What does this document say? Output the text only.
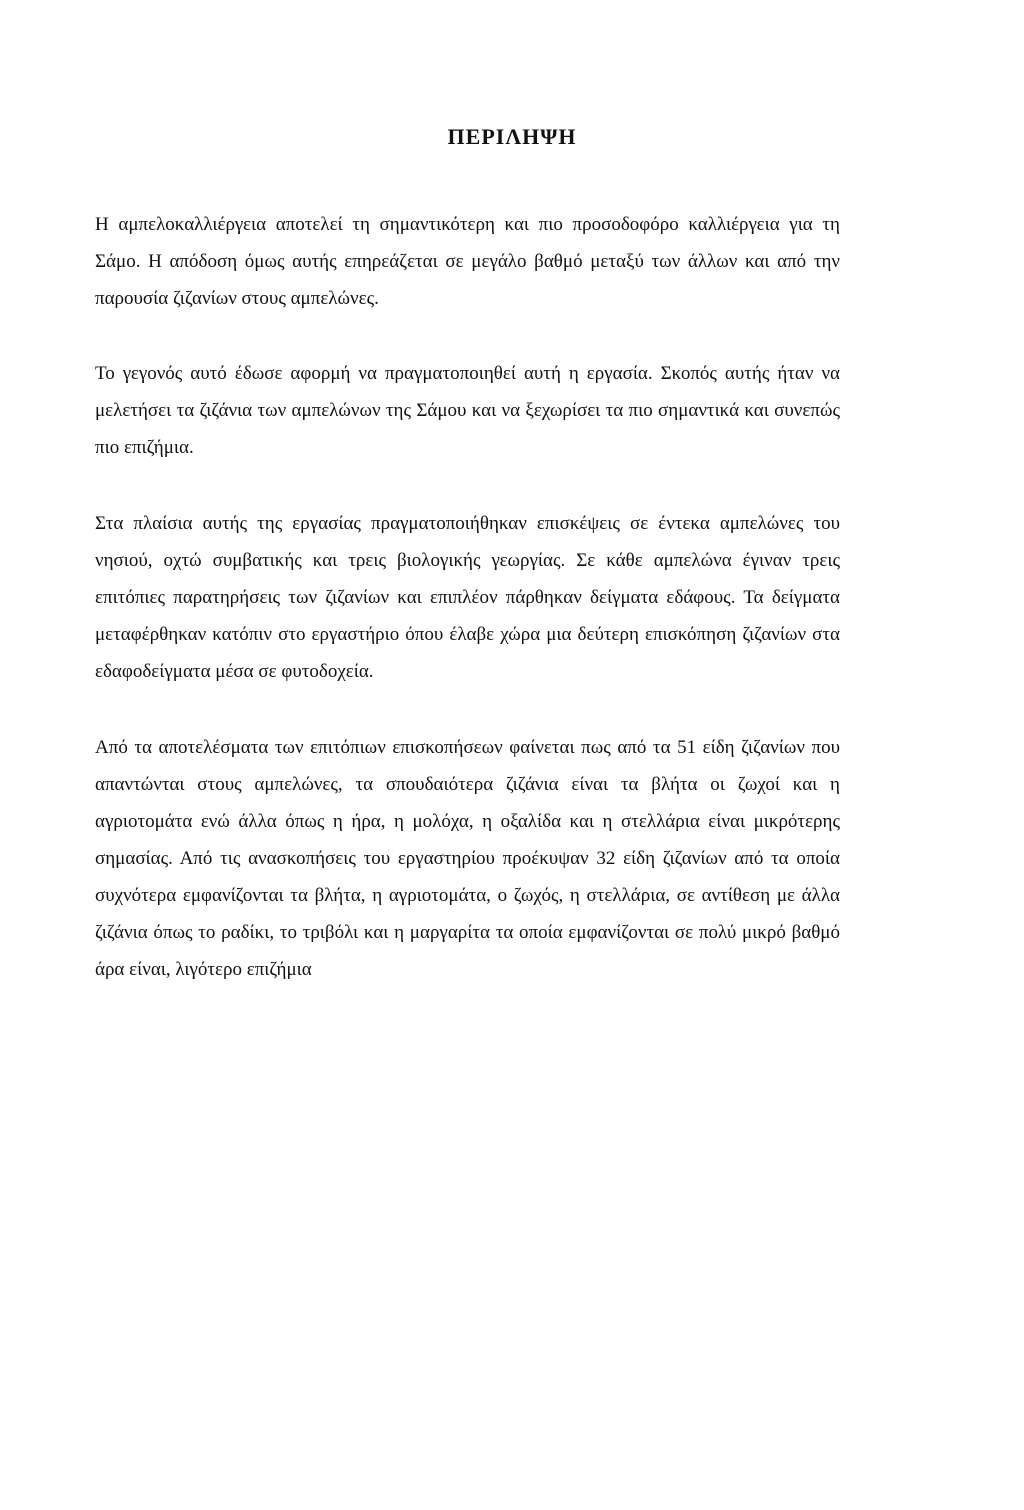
ΠΕΡΙΛΗΨΗ

Η αμπελοκαλλιέργεια αποτελεί τη σημαντικότερη και πιο προσοδοφόρο καλλιέργεια για τη Σάμο. Η απόδοση όμως αυτής επηρεάζεται σε μεγάλο βαθμό μεταξύ των άλλων και από την παρουσία ζιζανίων στους αμπελώνες.

Το γεγονός αυτό έδωσε αφορμή να πραγματοποιηθεί αυτή η εργασία. Σκοπός αυτής ήταν να μελετήσει τα ζιζάνια των αμπελώνων της Σάμου και να ξεχωρίσει τα πιο σημαντικά και συνεπώς πιο επιζήμια.

Στα πλαίσια αυτής της εργασίας πραγματοποιήθηκαν επισκέψεις σε έντεκα αμπελώνες του νησιού, οχτώ συμβατικής και τρεις βιολογικής γεωργίας. Σε κάθε αμπελώνα έγιναν τρεις επιτόπιες παρατηρήσεις των ζιζανίων και επιπλέον πάρθηκαν δείγματα εδάφους. Τα δείγματα μεταφέρθηκαν κατόπιν στο εργαστήριο όπου έλαβε χώρα μια δεύτερη επισκόπηση ζιζανίων στα εδαφοδείγματα μέσα σε φυτοδοχεία.

Από τα αποτελέσματα των επιτόπιων επισκοπήσεων φαίνεται πως από τα 51 είδη ζιζανίων που απαντώνται στους αμπελώνες, τα σπουδαιότερα ζιζάνια είναι τα βλήτα οι ζωχοί και η αγριοτομάτα ενώ άλλα όπως η ήρα, η μολόχα, η οξαλίδα και η στελλάρια είναι μικρότερης σημασίας. Από τις ανασκοπήσεις του εργαστηρίου προέκυψαν 32 είδη ζιζανίων από τα οποία συχνότερα εμφανίζονται τα βλήτα, η αγριοτομάτα, ο ζωχός, η στελλάρια, σε αντίθεση με άλλα ζιζάνια όπως το ραδίκι, το τριβόλι και η μαργαρίτα τα οποία εμφανίζονται σε πολύ μικρό βαθμό άρα είναι, λιγότερο επιζήμια
